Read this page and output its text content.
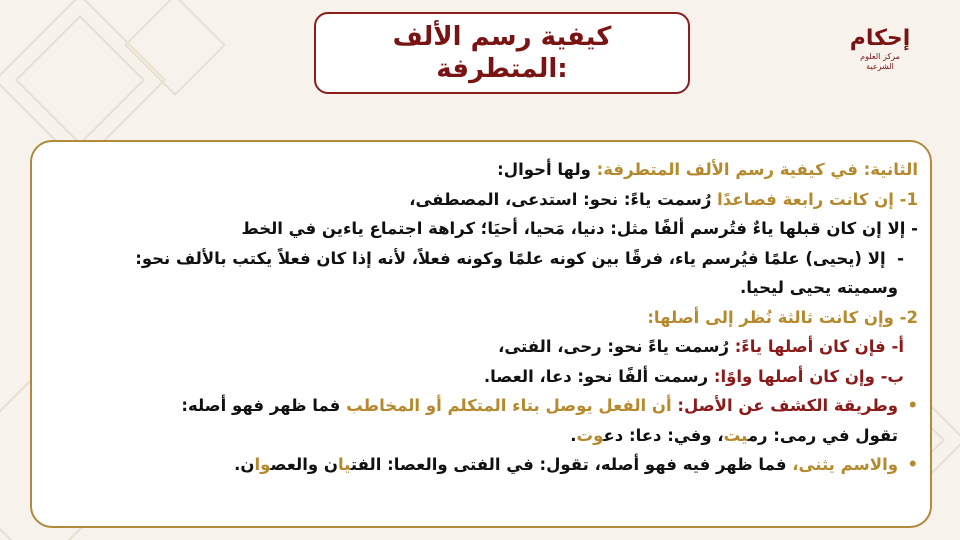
كيفية رسم الألف
المتطرفة:
إحكام
مركز العلوم الشرعية
الثانية: في كيفية رسم الألف المتطرفة: ولها أحوال:
1- إن كانت رابعة فصاعدًا رُسمت ياءً: نحو: استدعى، المصطفى،
- إلا إن كان قبلها ياءٌ فتُرسم ألفًا مثل: دنيا، مَحيا، أحيَا؛ كراهة اجتماع ياءين في الخط
-  إلا (يحيى) علمًا فيُرسم ياء، فرقًا بين كونه علمًا وكونه فعلاً، لأنه إذا كان فعلاً يكتب بالألف نحو:
وسميته يحيى ليحيا.
2- وإن كانت ثالثة نُظر إلى أصلها:
أ- فإن كان أصلها ياءً: رُسمت ياءً نحو: رحى، الفتى،
ب- وإن كان أصلها واوًا: رسمت ألفًا نحو: دعا، العصا.
•وطريقة الكشف عن الأصل: أن الفعل يوصل بتاء المتكلم أو المخاطب فما ظهر فهو أصله:
تقول في رمى: رميت، وفي: دعا: دعوت.
•والاسم يثنى، فما ظهر فيه فهو أصله، تقول: في الفتى والعصا: الفتيان والعصوان.
